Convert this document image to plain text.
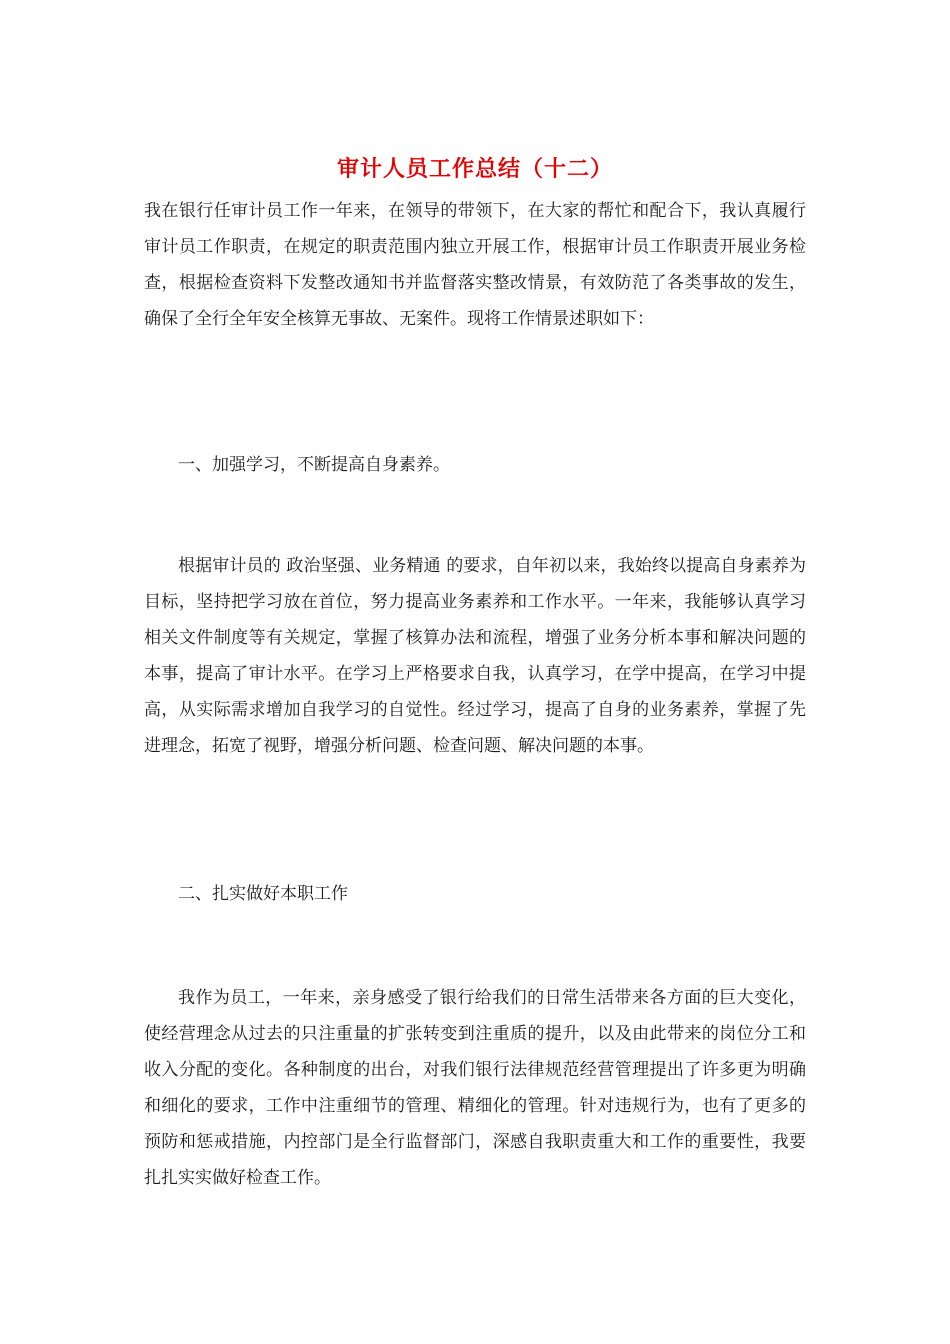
审计人员工作总结（十二）

我在银行任审计员工作一年来，在领导的带领下，在大家的帮忙和配合下，我认真履行审计员工作职责，在规定的职责范围内独立开展工作，根据审计员工作职责开展业务检查，根据检查资料下发整改通知书并监督落实整改情景，有效防范了各类事故的发生，确保了全行全年安全核算无事故、无案件。现将工作情景述职如下：

一、加强学习，不断提高自身素养。

根据审计员的 政治坚强、业务精通 的要求，自年初以来，我始终以提高自身素养为目标，坚持把学习放在首位，努力提高业务素养和工作水平。一年来，我能够认真学习相关文件制度等有关规定，掌握了核算办法和流程，增强了业务分析本事和解决问题的本事，提高了审计水平。在学习上严格要求自我，认真学习，在学中提高，在学习中提高，从实际需求增加自我学习的自觉性。经过学习，提高了自身的业务素养，掌握了先进理念，拓宽了视野，增强分析问题、检查问题、解决问题的本事。

二、扎实做好本职工作

我作为员工，一年来，亲身感受了银行给我们的日常生活带来各方面的巨大变化，使经营理念从过去的只注重量的扩张转变到注重质的提升，以及由此带来的岗位分工和收入分配的变化。各种制度的出台，对我们银行法律规范经营管理提出了许多更为明确和细化的要求，工作中注重细节的管理、精细化的管理。针对违规行为，也有了更多的预防和惩戒措施，内控部门是全行监督部门，深感自我职责重大和工作的重要性，我要扎扎实实做好检查工作。
